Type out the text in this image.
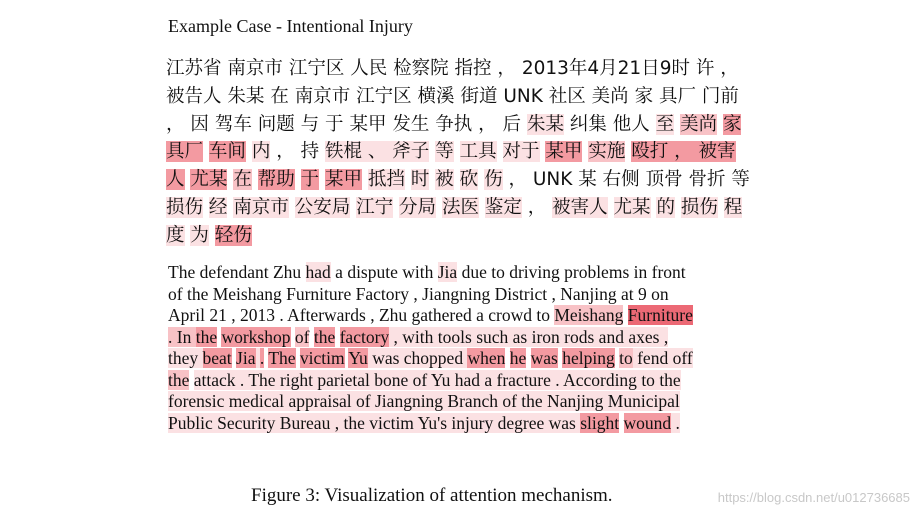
Example Case - Intentional Injury
江苏省 南京市 江宁区 人民 检察院 指控 ， 2013年4月21日9时 许 ，
被告人 朱某 在 南京市 江宁区 横溪 街道 UNK 社区 美尚 家 具厂 门前
， 因 驾车 问题 与 于 某甲 发生 争执 ， 后 朱某 纠集 他人 至 美尚 家
具厂 车间 内 ， 持 铁棍 、 斧子 等 工具 对于 某甲 实施 殴打 ， 被害
人 尤某 在 帮助 于 某甲 抵挡 时 被 砍 伤 ， UNK 某 右侧 顶骨 骨折 等
损伤 经 南京市 公安局 江宁 分局 法医 鉴定 ， 被害人 尤某 的 损伤 程
度 为 轻伤
The defendant Zhu had a dispute with Jia due to driving problems in front
of the Meishang Furniture Factory , Jiangning District , Nanjing at 9 on
April 21 , 2013 . Afterwards , Zhu gathered a crowd to Meishang Furniture
. In the workshop of the factory , with tools such as iron rods and axes ,
they beat Jia . The victim Yu was chopped when he was helping to fend off
the attack . The right parietal bone of Yu had a fracture . According to the
forensic medical appraisal of Jiangning Branch of the Nanjing Municipal
Public Security Bureau , the victim Yu's injury degree was slight wound .
Figure 3: Visualization of attention mechanism.	https://blog.csdn.net/u012736685
